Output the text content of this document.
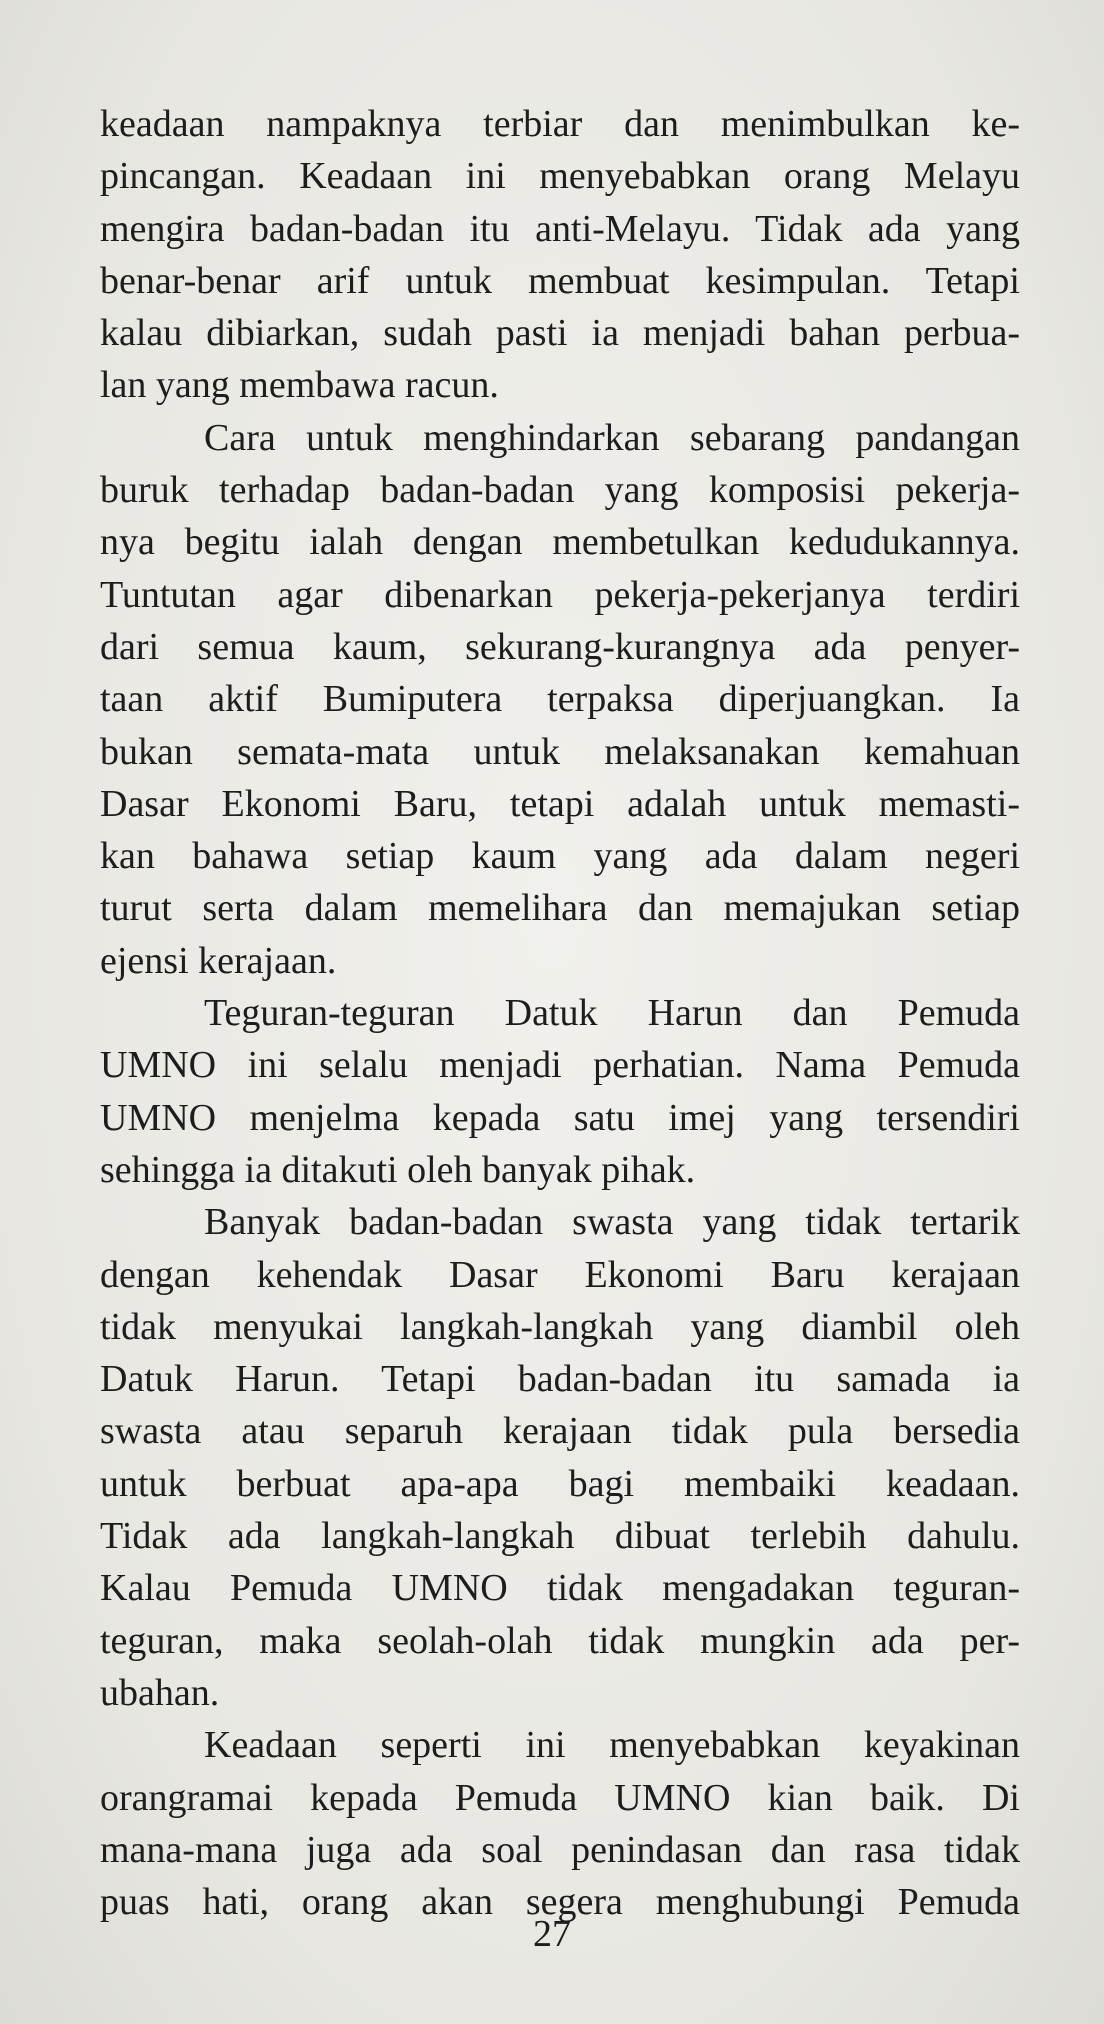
keadaan nampaknya terbiar dan menimbulkan ke-
pincangan. Keadaan ini menyebabkan orang Melayu
mengira badan-badan itu anti-Melayu. Tidak ada yang
benar-benar arif untuk membuat kesimpulan. Tetapi
kalau dibiarkan, sudah pasti ia menjadi bahan perbua-
lan yang membawa racun.
Cara untuk menghindarkan sebarang pandangan
buruk terhadap badan-badan yang komposisi pekerja-
nya begitu ialah dengan membetulkan kedudukannya.
Tuntutan agar dibenarkan pekerja-pekerjanya terdiri
dari semua kaum, sekurang-kurangnya ada penyer-
taan aktif Bumiputera terpaksa diperjuangkan. Ia
bukan semata-mata untuk melaksanakan kemahuan
Dasar Ekonomi Baru, tetapi adalah untuk memasti-
kan bahawa setiap kaum yang ada dalam negeri
turut serta dalam memelihara dan memajukan setiap
ejensi kerajaan.
Teguran-teguran Datuk Harun dan Pemuda
UMNO ini selalu menjadi perhatian. Nama Pemuda
UMNO menjelma kepada satu imej yang tersendiri
sehingga ia ditakuti oleh banyak pihak.
Banyak badan-badan swasta yang tidak tertarik
dengan kehendak Dasar Ekonomi Baru kerajaan
tidak menyukai langkah-langkah yang diambil oleh
Datuk Harun. Tetapi badan-badan itu samada ia
swasta atau separuh kerajaan tidak pula bersedia
untuk berbuat apa-apa bagi membaiki keadaan.
Tidak ada langkah-langkah dibuat terlebih dahulu.
Kalau Pemuda UMNO tidak mengadakan teguran-
teguran, maka seolah-olah tidak mungkin ada per-
ubahan.
Keadaan seperti ini menyebabkan keyakinan
orangramai kepada Pemuda UMNO kian baik. Di
mana-mana juga ada soal penindasan dan rasa tidak
puas hati, orang akan segera menghubungi Pemuda
27
